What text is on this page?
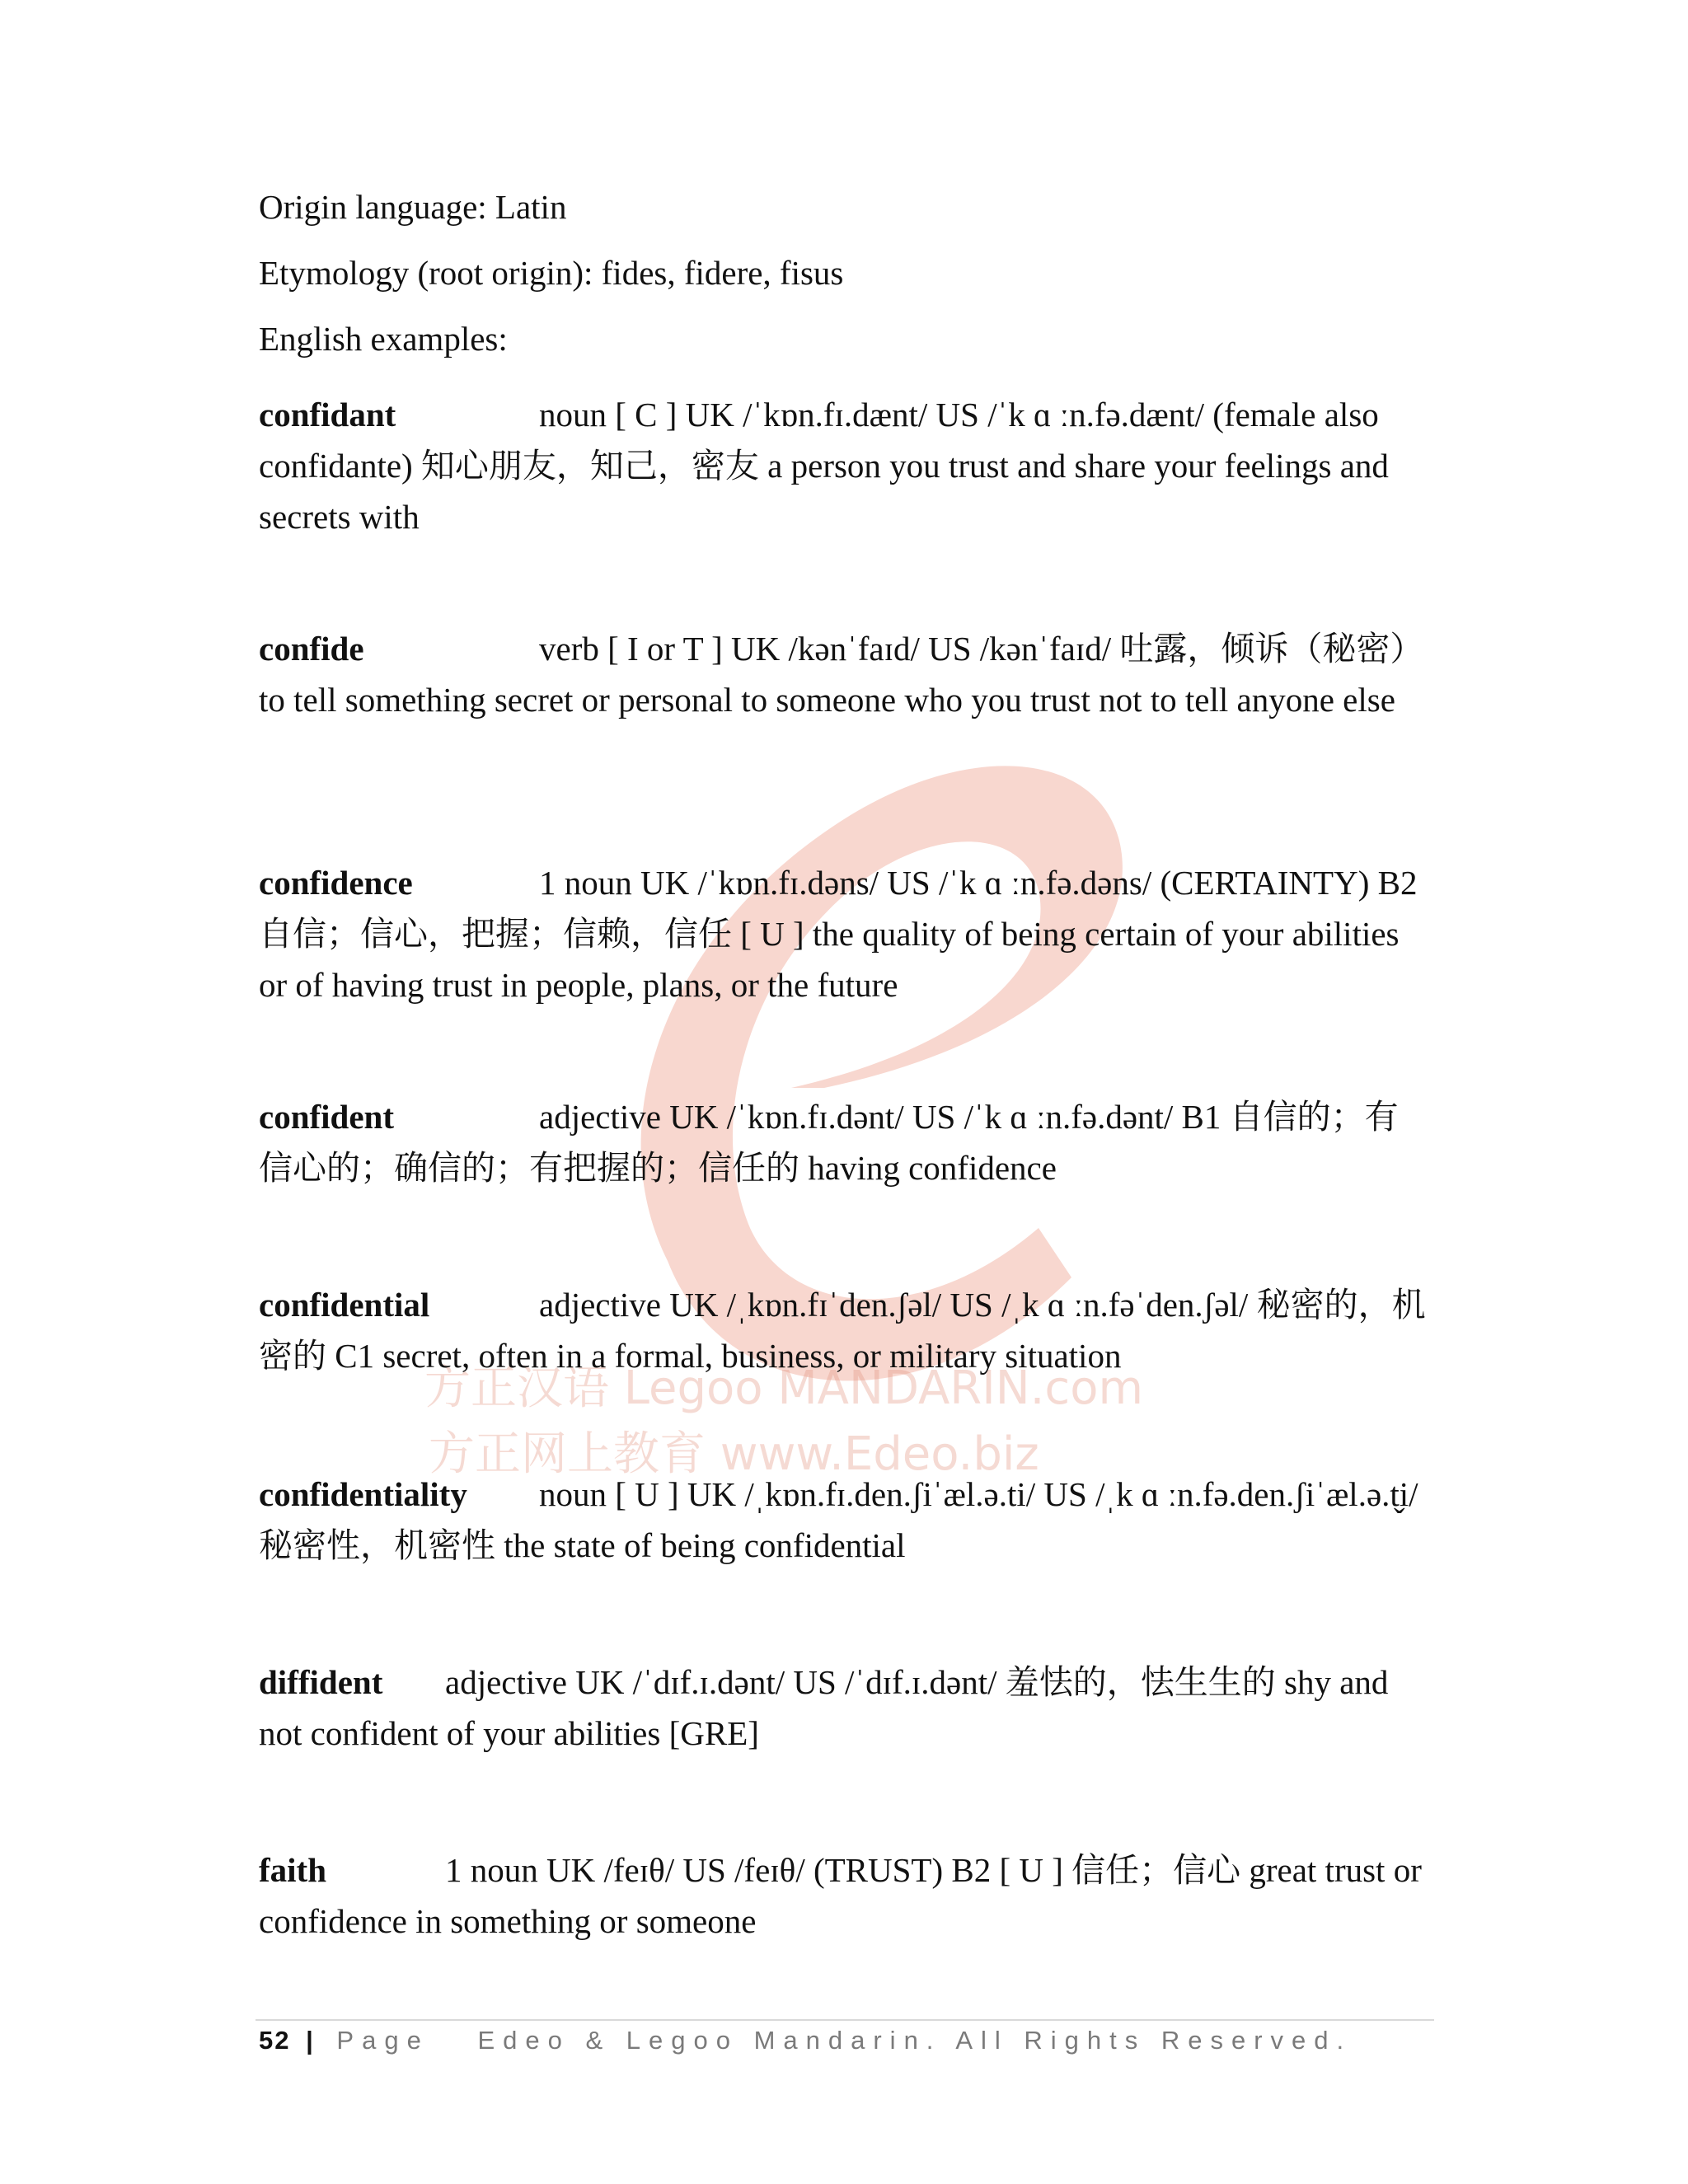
方正汉语 Legoo MANDARIN.com
方正网上教育 www.Edeo.biz

Origin language: Latin

Etymology (root origin): fides, fidere, fisus

English examples:

confidant	noun [ C ] UK /ˈkɒn.fɪ.dænt/ US /ˈk ɑ ːn.fə.dænt/ (female also confidante) 知心朋友，知己，密友 a person you trust and share your feelings and secrets with

confide	verb [ I or T ] UK /kənˈfaɪd/ US /kənˈfaɪd/ 吐露，倾诉（秘密） to tell something secret or personal to someone who you trust not to tell anyone else

confidence	1 noun UK /ˈkɒn.fɪ.dəns/ US /ˈk ɑ ːn.fə.dəns/ (CERTAINTY) B2 自信；信心，把握；信赖，信任 [ U ] the quality of being certain of your abilities or of having trust in people, plans, or the future

confident	adjective UK /ˈkɒn.fɪ.dənt/ US /ˈk ɑ ːn.fə.dənt/ B1 自信的；有信心的；确信的；有把握的；信任的 having confidence

confidential	adjective UK /ˌkɒn.fɪˈden.ʃəl/ US /ˌk ɑ ːn.fəˈden.ʃəl/ 秘密的，机密的 C1 secret, often in a formal, business, or military situation

confidentiality noun [ U ] UK /ˌkɒn.fɪ.den.ʃiˈæl.ə.ti/ US /ˌk ɑ ːn.fə.den.ʃiˈæl.ə.t̬i/ 秘密性，机密性 the state of being confidential

diffident adjective UK /ˈdɪf.ɪ.dənt/ US /ˈdɪf.ɪ.dənt/ 羞怯的，怯生生的 shy and not confident of your abilities [GRE]

faith	1 noun UK /feɪθ/ US /feɪθ/ (TRUST) B2 [ U ] 信任；信心 great trust or confidence in something or someone

52 | Page Edeo & Legoo Mandarin. All Rights Reserved.
